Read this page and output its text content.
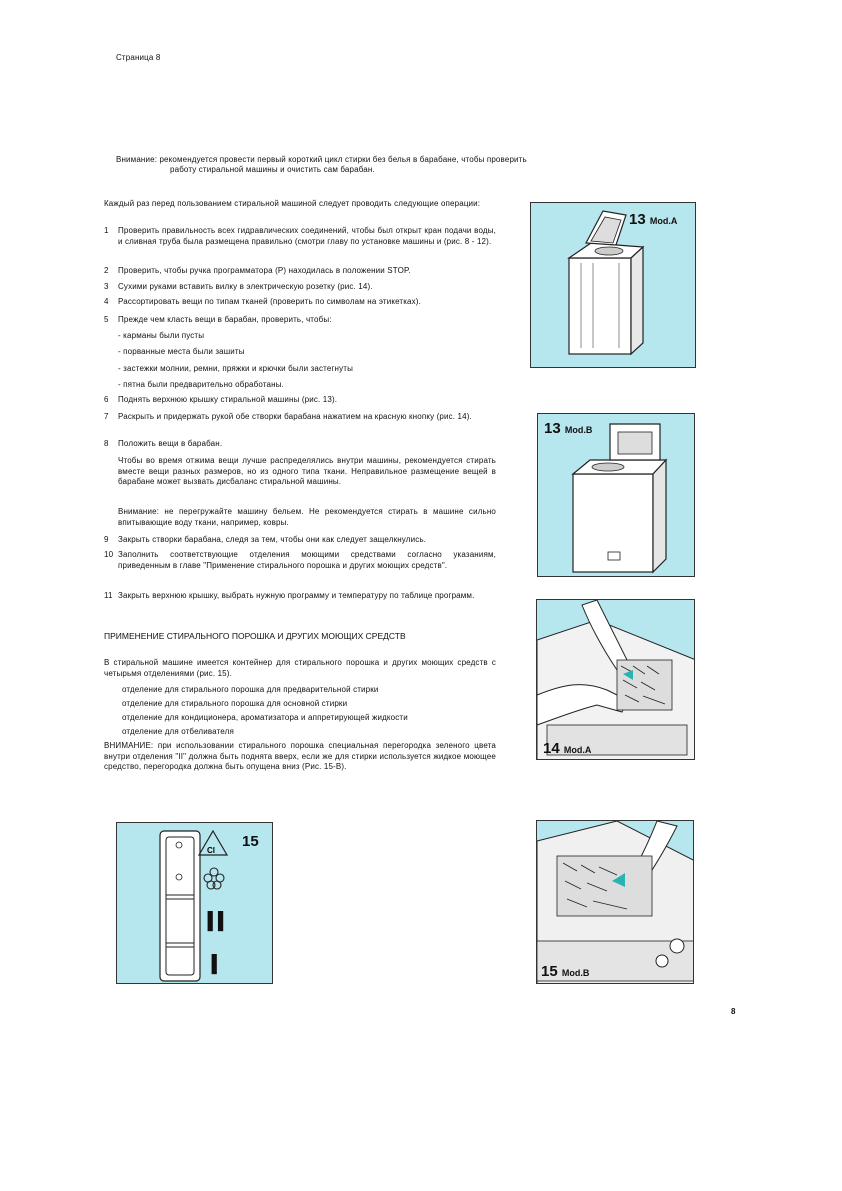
Страница 8
Внимание: рекомендуется провести первый короткий цикл стирки без белья в барабане, чтобы проверить
работу стиральной машины и очистить сам барабан.
Каждый раз перед пользованием стиральной машиной следует проводить следующие операции:
1 Проверить правильность всех гидравлических соединений, чтобы был открыт кран подачи воды, и сливная труба была размещена правильно (смотри главу по установке машины и (рис. 8 - 12).
2 Проверить, чтобы ручка программатора (P) находилась в положении STOP.
3 Сухими руками вставить вилку в электрическую розетку (рис. 14).
4 Рассортировать вещи по типам тканей (проверить по символам на этикетках).
5 Прежде чем класть вещи в барабан, проверить, чтобы:
- карманы были пусты
- порванные места были зашиты
- застежки молнии, ремни, пряжки и крючки были застегнуты
- пятна были предварительно обработаны.
6 Поднять верхнюю крышку стиральной машины (рис. 13).
7 Раскрыть и придержать рукой обе створки барабана нажатием на красную кнопку (рис. 14).
8 Положить вещи в барабан.
Чтобы во время отжима вещи лучше распределялись внутри машины, рекомендуется стирать вместе вещи разных размеров, но из одного типа ткани. Неправильное размещение вещей в барабане может вызвать дисбаланс стиральной машины.
Внимание: не перегружайте машину бельем. Не рекомендуется стирать в машине сильно впитывающие воду ткани, например, ковры.
9 Закрыть створки барабана, следя за тем, чтобы они как следует защелкнулись.
10 Заполнить соответствующие отделения моющими средствами согласно указаниям, приведенным в главе "Применение стирального порошка и других моющих средств".
11 Закрыть верхнюю крышку, выбрать нужную программу и температуру по таблице программ.
ПРИМЕНЕНИЕ СТИРАЛЬНОГО ПОРОШКА И ДРУГИХ МОЮЩИХ СРЕДСТВ
В стиральной машине имеется контейнер для стирального порошка и других моющих средств с четырьмя отделениями (рис. 15).
отделение для стирального порошка для предварительной стирки
отделение для стирального порошка для основной стирки
отделение для кондиционера, ароматизатора и аппретирующей жидкости
отделение для отбеливателя
ВНИМАНИЕ: при использовании стирального порошка специальная перегородка зеленого цвета внутри отделения "II" должна быть поднята вверх, если же для стирки используется жидкое моющее средство, перегородка должна быть опущена вниз (Рис. 15-В).
13 Mod.A
13 Mod.B
14 Mod.A
Cl
II
I
15
15 Mod.B
8
